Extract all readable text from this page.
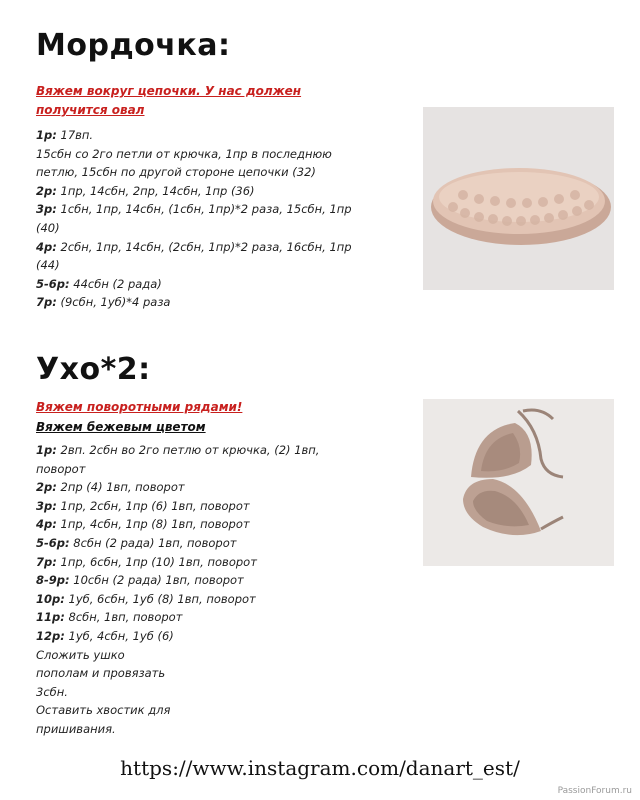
Мордочка:
Вяжем вокруг цепочки. У нас должен получится овал
1р: 17вп.
15сбн со 2го петли от крючка, 1пр в последнюю
петлю, 15сбн по другой стороне цепочки (32)
2р: 1пр, 14сбн, 2пр, 14сбн, 1пр (36)
3р: 1сбн, 1пр, 14сбн, (1сбн, 1пр)*2 раза, 15сбн, 1пр
(40)
4р: 2сбн, 1пр, 14сбн, (2сбн, 1пр)*2 раза, 16сбн, 1пр
(44)
5-6р: 44сбн (2 рада)
7р: (9сбн, 1уб)*4 раза
Ухо*2:
Вяжем поворотными рядами!
Вяжем бежевым цветом
1р: 2вп. 2сбн во 2го петлю от крючка, (2) 1вп,
поворот
2р: 2пр (4) 1вп, поворот
3р: 1пр, 2сбн, 1пр (6) 1вп, поворот
4р: 1пр, 4сбн, 1пр (8) 1вп, поворот
5-6р: 8сбн (2 рада) 1вп, поворот
7р: 1пр, 6сбн, 1пр (10) 1вп, поворот
8-9р: 10сбн (2 рада) 1вп, поворот
10р: 1уб, 6сбн, 1уб (8) 1вп, поворот
11р: 8сбн, 1вп, поворот
12р: 1уб, 4сбн, 1уб (6)
Сложить ушко
пополам и провязать
3сбн.
Оставить хвостик для
пришивания.
https://www.instagram.com/danart_est/
PassionForum.ru
